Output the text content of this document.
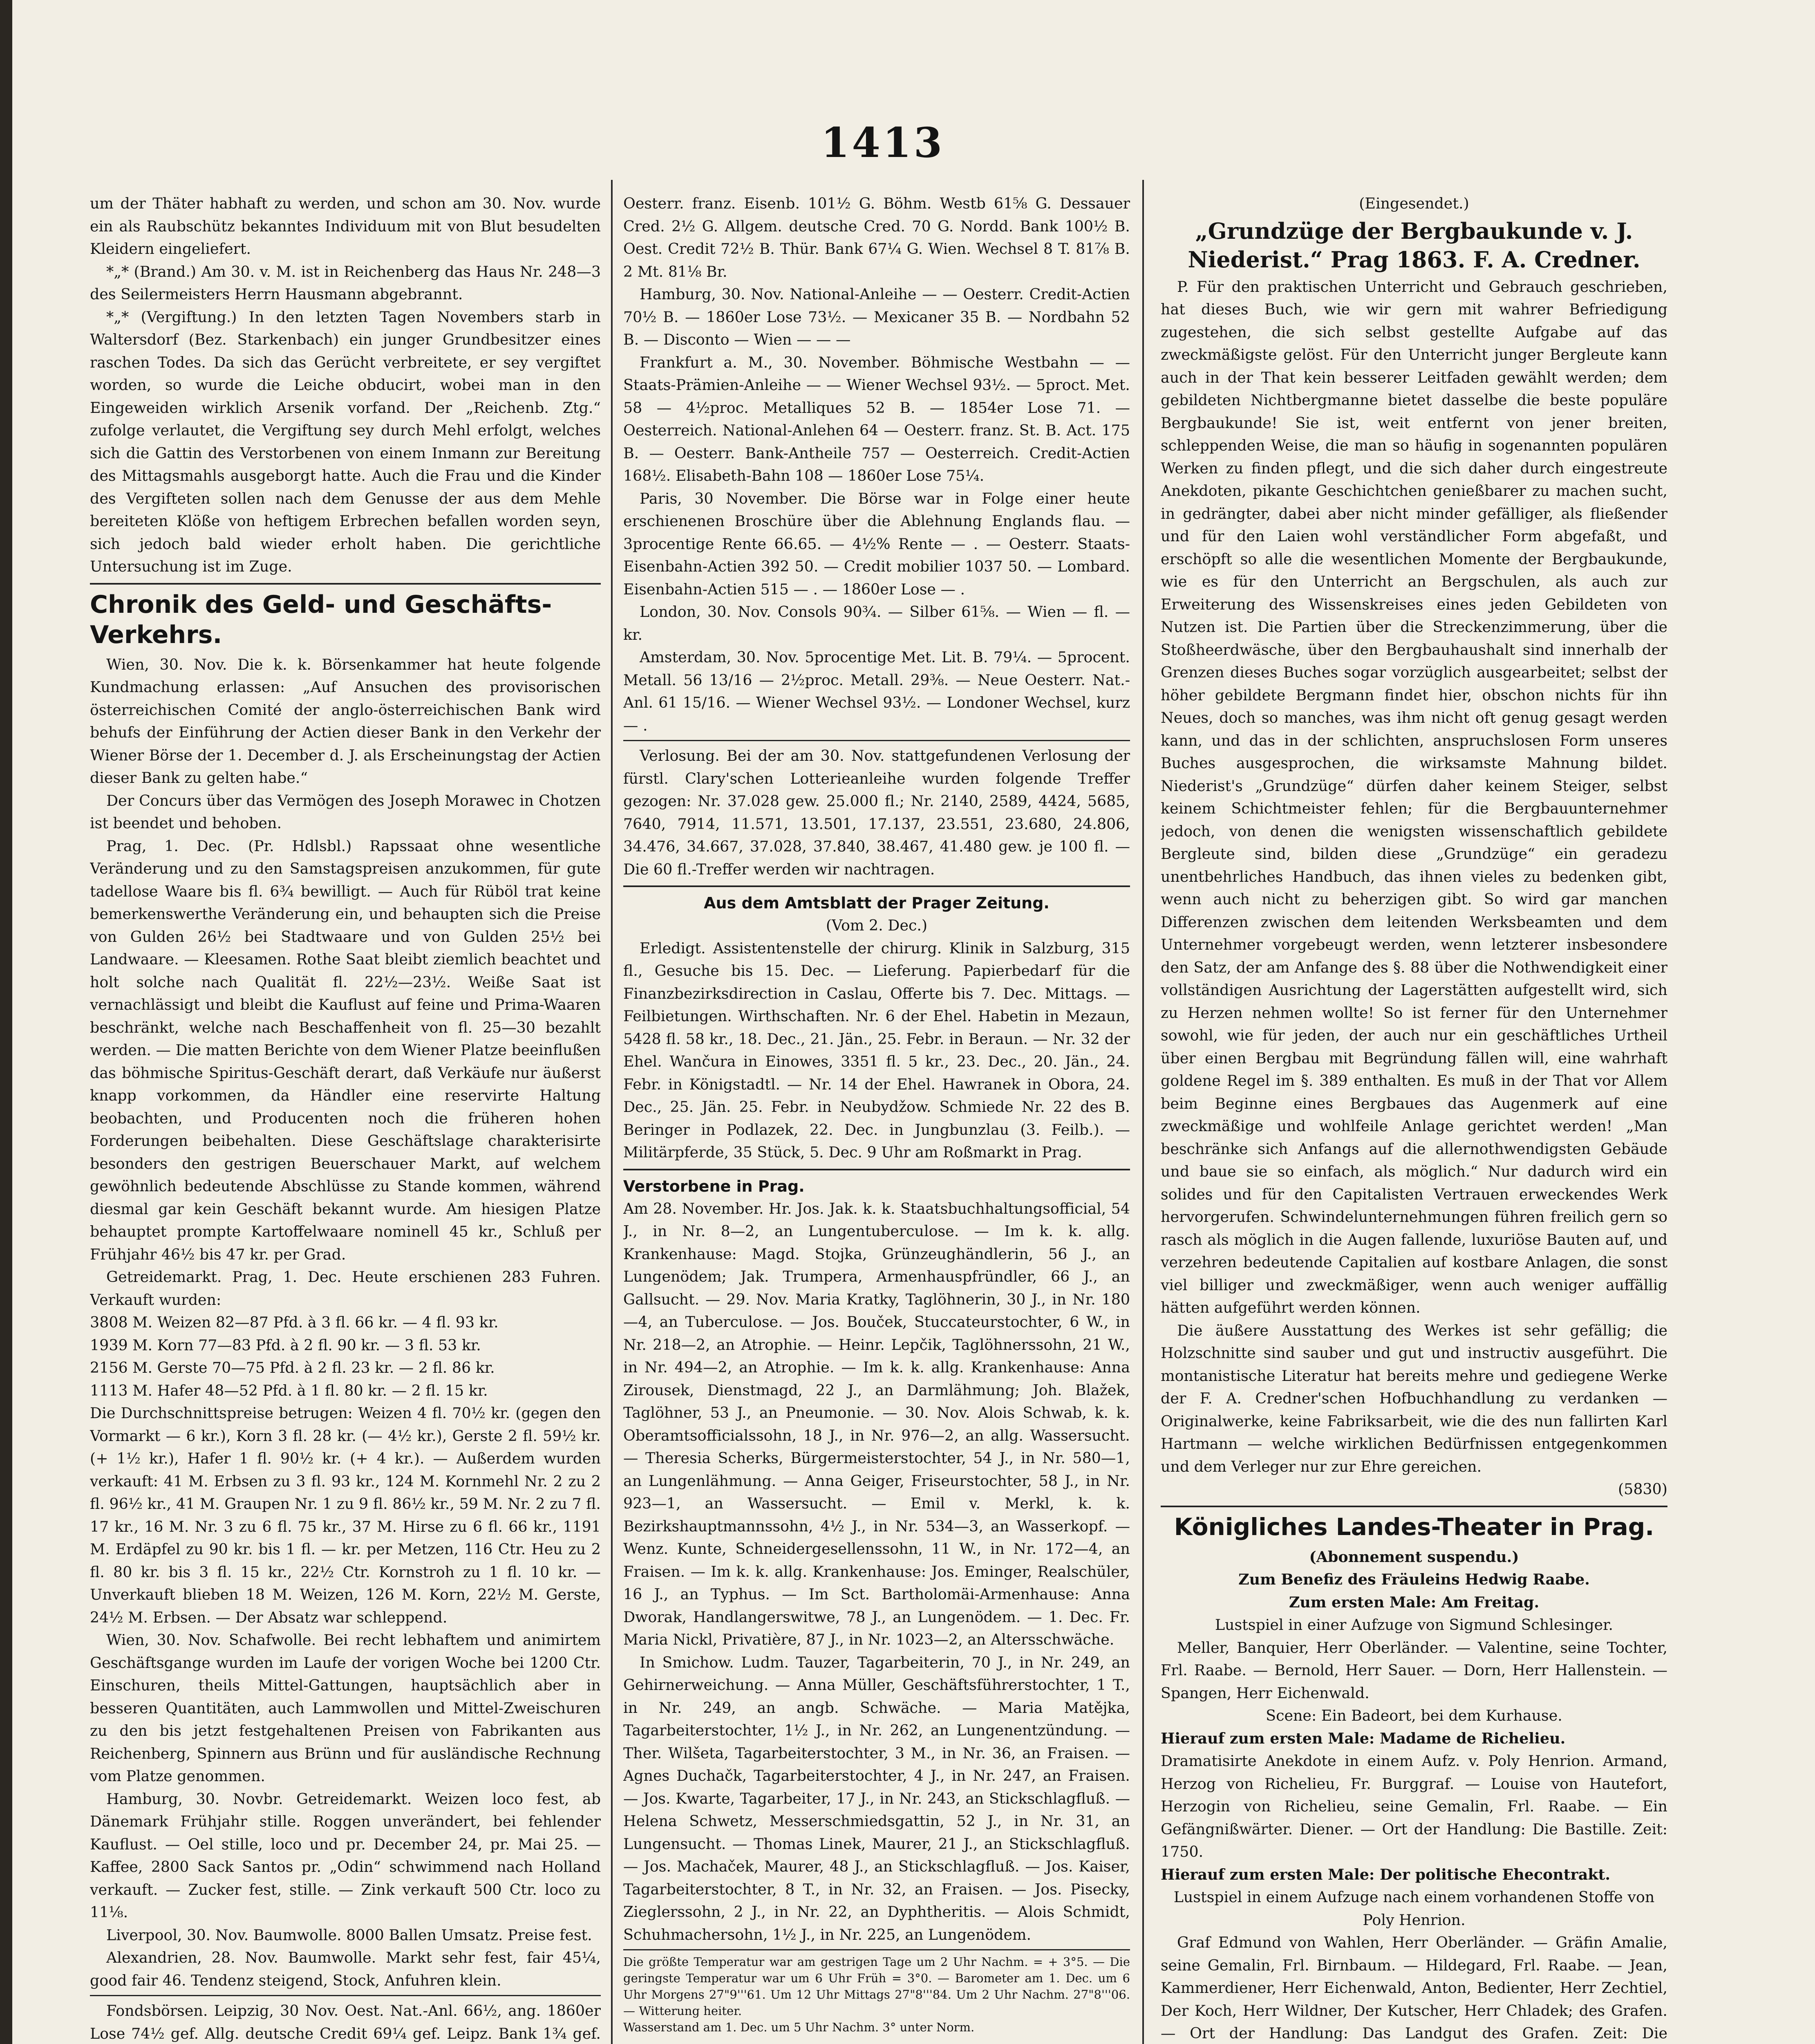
1413

um der Thäter habhaft zu werden, und schon am 30. Nov. wurde ein als Raubschütz bekanntes Individuum mit von Blut besudelten Kleidern eingeliefert.

*„* (Brand.) Am 30. v. M. ist in Reichenberg das Haus Nr. 248—3 des Seilermeisters Herrn Hausmann abgebrannt.

*„* (Vergiftung.) In den letzten Tagen Novembers starb in Waltersdorf (Bez. Starkenbach) ein junger Grundbesitzer eines raschen Todes. Da sich das Gerücht verbreitete, er sey vergiftet worden, so wurde die Leiche obducirt, wobei man in den Eingeweiden wirklich Arsenik vorfand. Der „Reichenb. Ztg.“ zufolge verlautet, die Vergiftung sey durch Mehl erfolgt, welches sich die Gattin des Verstorbenen von einem Inmann zur Bereitung des Mittagsmahls ausgeborgt hatte. Auch die Frau und die Kinder des Vergifteten sollen nach dem Genusse der aus dem Mehle bereiteten Klöße von heftigem Erbrechen befallen worden seyn, sich jedoch bald wieder erholt haben. Die gerichtliche Untersuchung ist im Zuge.

Chronik des Geld- und Geschäfts-Verkehrs.

Wien, 30. Nov. Die k. k. Börsenkammer hat heute folgende Kundmachung erlassen: „Auf Ansuchen des provisorischen österreichischen Comité der anglo-österreichischen Bank wird behufs der Einführung der Actien dieser Bank in den Verkehr der Wiener Börse der 1. December d. J. als Erscheinungstag der Actien dieser Bank zu gelten habe.“

Der Concurs über das Vermögen des Joseph Morawec in Chotzen ist beendet und behoben.

Prag, 1. Dec. (Pr. Hdlsbl.) Rapssaat ohne wesentliche Veränderung und zu den Samstagspreisen anzukommen, für gute tadellose Waare bis fl. 6¾ bewilligt. — Auch für Rüböl trat keine bemerkenswerthe Veränderung ein, und behaupten sich die Preise von Gulden 26½ bei Stadtwaare und von Gulden 25½ bei Landwaare. — Kleesamen. Rothe Saat bleibt ziemlich beachtet und holt solche nach Qualität fl. 22½—23½. Weiße Saat ist vernachlässigt und bleibt die Kauflust auf feine und Prima-Waaren beschränkt, welche nach Beschaffenheit von fl. 25—30 bezahlt werden. — Die matten Berichte von dem Wiener Platze beeinflußen das böhmische Spiritus-Geschäft derart, daß Verkäufe nur äußerst knapp vorkommen, da Händler eine reservirte Haltung beobachten, und Producenten noch die früheren hohen Forderungen beibehalten. Diese Geschäftslage charakterisirte besonders den gestrigen Beuerschauer Markt, auf welchem gewöhnlich bedeutende Abschlüsse zu Stande kommen, während diesmal gar kein Geschäft bekannt wurde. Am hiesigen Platze behauptet prompte Kartoffelwaare nominell 45 kr., Schluß per Frühjahr 46½ bis 47 kr. per Grad.

Getreidemarkt. Prag, 1. Dec. Heute erschienen 283 Fuhren. Verkauft wurden:

3808 M. Weizen 82—87 Pfd. à 3 fl. 66 kr. — 4 fl. 93 kr.

1939 M. Korn 77—83 Pfd. à 2 fl. 90 kr. — 3 fl. 53 kr.

2156 M. Gerste 70—75 Pfd. à 2 fl. 23 kr. — 2 fl. 86 kr.

1113 M. Hafer 48—52 Pfd. à 1 fl. 80 kr. — 2 fl. 15 kr.

Die Durchschnittspreise betrugen: Weizen 4 fl. 70½ kr. (gegen den Vormarkt — 6 kr.), Korn 3 fl. 28 kr. (— 4½ kr.), Gerste 2 fl. 59½ kr. (+ 1½ kr.), Hafer 1 fl. 90½ kr. (+ 4 kr.). — Außerdem wurden verkauft: 41 M. Erbsen zu 3 fl. 93 kr., 124 M. Kornmehl Nr. 2 zu 2 fl. 96½ kr., 41 M. Graupen Nr. 1 zu 9 fl. 86½ kr., 59 M. Nr. 2 zu 7 fl. 17 kr., 16 M. Nr. 3 zu 6 fl. 75 kr., 37 M. Hirse zu 6 fl. 66 kr., 1191 M. Erdäpfel zu 90 kr. bis 1 fl. — kr. per Metzen, 116 Ctr. Heu zu 2 fl. 80 kr. bis 3 fl. 15 kr., 22½ Ctr. Kornstroh zu 1 fl. 10 kr. — Unverkauft blieben 18 M. Weizen, 126 M. Korn, 22½ M. Gerste, 24½ M. Erbsen. — Der Absatz war schleppend.

Wien, 30. Nov. Schafwolle. Bei recht lebhaftem und animirtem Geschäftsgange wurden im Laufe der vorigen Woche bei 1200 Ctr. Einschuren, theils Mittel-Gattungen, hauptsächlich aber in besseren Quantitäten, auch Lammwollen und Mittel-Zweischuren zu den bis jetzt festgehaltenen Preisen von Fabrikanten aus Reichenberg, Spinnern aus Brünn und für ausländische Rechnung vom Platze genommen.

Hamburg, 30. Novbr. Getreidemarkt. Weizen loco fest, ab Dänemark Frühjahr stille. Roggen unverändert, bei fehlender Kauflust. — Oel stille, loco und pr. December 24, pr. Mai 25. — Kaffee, 2800 Sack Santos pr. „Odin“ schwimmend nach Holland verkauft. — Zucker fest, stille. — Zink verkauft 500 Ctr. loco zu 11⅛.

Liverpool, 30. Nov. Baumwolle. 8000 Ballen Umsatz. Preise fest.

Alexandrien, 28. Nov. Baumwolle. Markt sehr fest, fair 45¼, good fair 46. Tendenz steigend, Stock, Anfuhren klein.

Fondsbörsen. Leipzig, 30 Nov. Oest. Nat.-Anl. 66½, ang. 1860er Lose 74½ gef. Allg. deutsche Credit 69¼ gef. Leipz. Bank 1¾ gef.

Oesterr. franz. Eisenb. 101½ G. Böhm. Westb 61⅝ G. Dessauer Cred. 2½ G. Allgem. deutsche Cred. 70 G. Nordd. Bank 100½ B. Oest. Credit 72½ B. Thür. Bank 67¼ G. Wien. Wechsel 8 T. 81⅞ B. 2 Mt. 81⅛ Br.

Hamburg, 30. Nov. National-Anleihe — — Oesterr. Credit-Actien 70½ B. — 1860er Lose 73½. — Mexicaner 35 B. — Nordbahn 52 B. — Disconto — Wien — — —

Frankfurt a. M., 30. November. Böhmische Westbahn — — Staats-Prämien-Anleihe — — Wiener Wechsel 93½. — 5proct. Met. 58 — 4½proc. Metalliques 52 B. — 1854er Lose 71. — Oesterreich. National-Anlehen 64 — Oesterr. franz. St. B. Act. 175 B. — Oesterr. Bank-Antheile 757 — Oesterreich. Credit-Actien 168½. Elisabeth-Bahn 108 — 1860er Lose 75¼.

Paris, 30 November. Die Börse war in Folge einer heute erschienenen Broschüre über die Ablehnung Englands flau. — 3procentige Rente 66.65. — 4½% Rente — . — Oesterr. Staats-Eisenbahn-Actien 392 50. — Credit mobilier 1037 50. — Lombard. Eisenbahn-Actien 515 — . — 1860er Lose — .

London, 30. Nov. Consols 90¾. — Silber 61⅝. — Wien — fl. — kr.

Amsterdam, 30. Nov. 5procentige Met. Lit. B. 79¼. — 5procent. Metall. 56 13/16 — 2½proc. Metall. 29⅜. — Neue Oesterr. Nat.-Anl. 61 15/16. — Wiener Wechsel 93½. — Londoner Wechsel, kurz — .

Verlosung. Bei der am 30. Nov. stattgefundenen Verlosung der fürstl. Clary'schen Lotterieanleihe wurden folgende Treffer gezogen: Nr. 37.028 gew. 25.000 fl.; Nr. 2140, 2589, 4424, 5685, 7640, 7914, 11.571, 13.501, 17.137, 23.551, 23.680, 24.806, 34.476, 34.667, 37.028, 37.840, 38.467, 41.480 gew. je 100 fl. — Die 60 fl.-Treffer werden wir nachtragen.

Aus dem Amtsblatt der Prager Zeitung.

(Vom 2. Dec.)

Erledigt. Assistentenstelle der chirurg. Klinik in Salzburg, 315 fl., Gesuche bis 15. Dec. — Lieferung. Papierbedarf für die Finanzbezirksdirection in Caslau, Offerte bis 7. Dec. Mittags. — Feilbietungen. Wirthschaften. Nr. 6 der Ehel. Habetin in Mezaun, 5428 fl. 58 kr., 18. Dec., 21. Jän., 25. Febr. in Beraun. — Nr. 32 der Ehel. Wančura in Einowes, 3351 fl. 5 kr., 23. Dec., 20. Jän., 24. Febr. in Königstadtl. — Nr. 14 der Ehel. Hawranek in Obora, 24. Dec., 25. Jän. 25. Febr. in Neubydžow. Schmiede Nr. 22 des B. Beringer in Podlazek, 22. Dec. in Jungbunzlau (3. Feilb.). — Militärpferde, 35 Stück, 5. Dec. 9 Uhr am Roßmarkt in Prag.

Verstorbene in Prag.

Am 28. November. Hr. Jos. Jak. k. k. Staatsbuchhaltungsofficial, 54 J., in Nr. 8—2, an Lungentuberculose. — Im k. k. allg. Krankenhause: Magd. Stojka, Grünzeughändlerin, 56 J., an Lungenödem; Jak. Trumpera, Armenhauspfründler, 66 J., an Gallsucht. — 29. Nov. Maria Kratky, Taglöhnerin, 30 J., in Nr. 180—4, an Tuberculose. — Jos. Bouček, Stuccateurstochter, 6 W., in Nr. 218—2, an Atrophie. — Heinr. Lepčik, Taglöhnerssohn, 21 W., in Nr. 494—2, an Atrophie. — Im k. k. allg. Krankenhause: Anna Zirousek, Dienstmagd, 22 J., an Darmlähmung; Joh. Blažek, Taglöhner, 53 J., an Pneumonie. — 30. Nov. Alois Schwab, k. k. Oberamtsofficialssohn, 18 J., in Nr. 976—2, an allg. Wassersucht. — Theresia Scherks, Bürgermeisterstochter, 54 J., in Nr. 580—1, an Lungenlähmung. — Anna Geiger, Friseurstochter, 58 J., in Nr. 923—1, an Wassersucht. — Emil v. Merkl, k. k. Bezirkshauptmannssohn, 4½ J., in Nr. 534—3, an Wasserkopf. — Wenz. Kunte, Schneidergesellenssohn, 11 W., in Nr. 172—4, an Fraisen. — Im k. k. allg. Krankenhause: Jos. Eminger, Realschüler, 16 J., an Typhus. — Im Sct. Bartholomäi-Armenhause: Anna Dworak, Handlangerswitwe, 78 J., an Lungenödem. — 1. Dec. Fr. Maria Nickl, Privatière, 87 J., in Nr. 1023—2, an Altersschwäche.

In Smichow. Ludm. Tauzer, Tagarbeiterin, 70 J., in Nr. 249, an Gehirnerweichung. — Anna Müller, Geschäftsführerstochter, 1 T., in Nr. 249, an angb. Schwäche. — Maria Matějka, Tagarbeiterstochter, 1½ J., in Nr. 262, an Lungenentzündung. — Ther. Wilšeta, Tagarbeiterstochter, 3 M., in Nr. 36, an Fraisen. — Agnes Duchačk, Tagarbeiterstochter, 4 J., in Nr. 247, an Fraisen. — Jos. Kwarte, Tagarbeiter, 17 J., in Nr. 243, an Stickschlagfluß. — Helena Schwetz, Messerschmiedsgattin, 52 J., in Nr. 31, an Lungensucht. — Thomas Linek, Maurer, 21 J., an Stickschlagfluß. — Jos. Machaček, Maurer, 48 J., an Stickschlagfluß. — Jos. Kaiser, Tagarbeiterstochter, 8 T., in Nr. 32, an Fraisen. — Jos. Pisecky, Zieglerssohn, 2 J., in Nr. 22, an Dyphtheritis. — Alois Schmidt, Schuhmachersohn, 1½ J., in Nr. 225, an Lungenödem.

Die größte Temperatur war am gestrigen Tage um 2 Uhr Nachm. = + 3°5. — Die geringste Temperatur war um 6 Uhr Früh = 3°0. — Barometer am 1. Dec. um 6 Uhr Morgens 27"9'''61. Um 12 Uhr Mittags 27"8'''84. Um 2 Uhr Nachm. 27"8'''06. — Witterung heiter.

Wasserstand am 1. Dec. um 5 Uhr Nachm. 3° unter Norm.

(Eingesendet.)

„Grundzüge der Bergbaukunde v. J. Niederist.“ Prag 1863. F. A. Credner.

P. Für den praktischen Unterricht und Gebrauch geschrieben, hat dieses Buch, wie wir gern mit wahrer Befriedigung zugestehen, die sich selbst gestellte Aufgabe auf das zweckmäßigste gelöst. Für den Unterricht junger Bergleute kann auch in der That kein besserer Leitfaden gewählt werden; dem gebildeten Nichtbergmanne bietet dasselbe die beste populäre Bergbaukunde! Sie ist, weit entfernt von jener breiten, schleppenden Weise, die man so häufig in sogenannten populären Werken zu finden pflegt, und die sich daher durch eingestreute Anekdoten, pikante Geschichtchen genießbarer zu machen sucht, in gedrängter, dabei aber nicht minder gefälliger, als fließender und für den Laien wohl verständlicher Form abgefaßt, und erschöpft so alle die wesentlichen Momente der Bergbaukunde, wie es für den Unterricht an Bergschulen, als auch zur Erweiterung des Wissenskreises eines jeden Gebildeten von Nutzen ist. Die Partien über die Streckenzimmerung, über die Stoßheerdwäsche, über den Bergbauhaushalt sind innerhalb der Grenzen dieses Buches sogar vorzüglich ausgearbeitet; selbst der höher gebildete Bergmann findet hier, obschon nichts für ihn Neues, doch so manches, was ihm nicht oft genug gesagt werden kann, und das in der schlichten, anspruchslosen Form unseres Buches ausgesprochen, die wirksamste Mahnung bildet. Niederist's „Grundzüge“ dürfen daher keinem Steiger, selbst keinem Schichtmeister fehlen; für die Bergbauunternehmer jedoch, von denen die wenigsten wissenschaftlich gebildete Bergleute sind, bilden diese „Grundzüge“ ein geradezu unentbehrliches Handbuch, das ihnen vieles zu bedenken gibt, wenn auch nicht zu beherzigen gibt. So wird gar manchen Differenzen zwischen dem leitenden Werksbeamten und dem Unternehmer vorgebeugt werden, wenn letzterer insbesondere den Satz, der am Anfange des §. 88 über die Nothwendigkeit einer vollständigen Ausrichtung der Lagerstätten aufgestellt wird, sich zu Herzen nehmen wollte! So ist ferner für den Unternehmer sowohl, wie für jeden, der auch nur ein geschäftliches Urtheil über einen Bergbau mit Begründung fällen will, eine wahrhaft goldene Regel im §. 389 enthalten. Es muß in der That vor Allem beim Beginne eines Bergbaues das Augenmerk auf eine zweckmäßige und wohlfeile Anlage gerichtet werden! „Man beschränke sich Anfangs auf die allernothwendigsten Gebäude und baue sie so einfach, als möglich.“ Nur dadurch wird ein solides und für den Capitalisten Vertrauen erweckendes Werk hervorgerufen. Schwindelunternehmungen führen freilich gern so rasch als möglich in die Augen fallende, luxuriöse Bauten auf, und verzehren bedeutende Capitalien auf kostbare Anlagen, die sonst viel billiger und zweckmäßiger, wenn auch weniger auffällig hätten aufgeführt werden können.

Die äußere Ausstattung des Werkes ist sehr gefällig; die Holzschnitte sind sauber und gut und instructiv ausgeführt. Die montanistische Literatur hat bereits mehre und gediegene Werke der F. A. Credner'schen Hofbuchhandlung zu verdanken — Originalwerke, keine Fabriksarbeit, wie die des nun fallirten Karl Hartmann — welche wirklichen Bedürfnissen entgegenkommen und dem Verleger nur zur Ehre gereichen.

(5830)

Königliches Landes-Theater in Prag.

(Abonnement suspendu.)

Zum Benefiz des Fräuleins Hedwig Raabe.

Zum ersten Male: Am Freitag.

Lustspiel in einer Aufzuge von Sigmund Schlesinger.

Meller, Banquier, Herr Oberländer. — Valentine, seine Tochter, Frl. Raabe. — Bernold, Herr Sauer. — Dorn, Herr Hallenstein. — Spangen, Herr Eichenwald.

Scene: Ein Badeort, bei dem Kurhause.

Hierauf zum ersten Male: Madame de Richelieu.

Dramatisirte Anekdote in einem Aufz. v. Poly Henrion. Armand, Herzog von Richelieu, Fr. Burggraf. — Louise von Hautefort, Herzogin von Richelieu, seine Gemalin, Frl. Raabe. — Ein Gefängnißwärter. Diener. — Ort der Handlung: Die Bastille. Zeit: 1750.

Hierauf zum ersten Male: Der politische Ehecontrakt.

Lustspiel in einem Aufzuge nach einem vorhandenen Stoffe von Poly Henrion.

Graf Edmund von Wahlen, Herr Oberländer. — Gräfin Amalie, seine Gemalin, Frl. Birnbaum. — Hildegard, Frl. Raabe. — Jean, Kammerdiener, Herr Eichenwald, Anton, Bedienter, Herr Zechtiel, Der Koch, Herr Wildner, Der Kutscher, Herr Chladek; des Grafen. — Ort der Handlung: Das Landgut des Grafen. Zeit: Die
